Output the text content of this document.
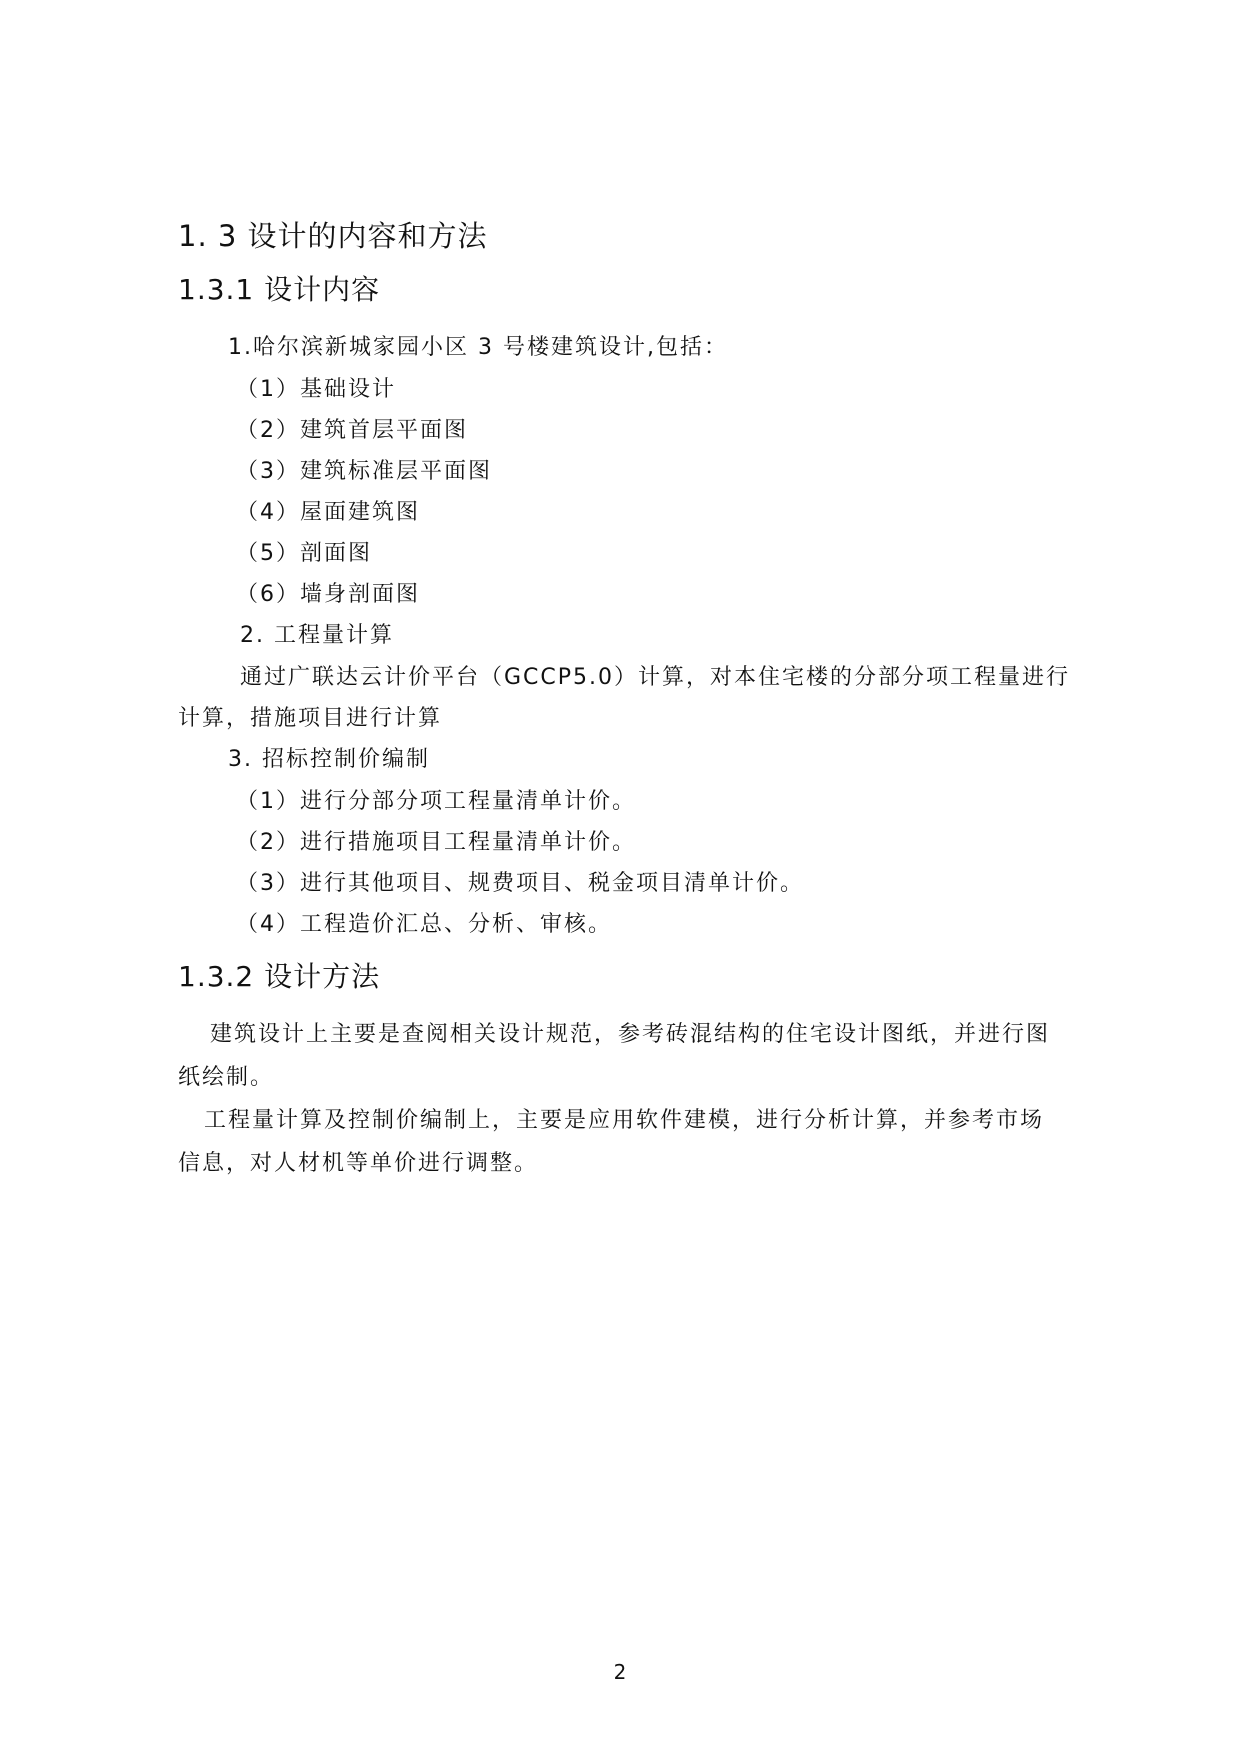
1. 3 设计的内容和方法
1.3.1 设计内容

1.哈尔滨新城家园小区 3 号楼建筑设计,包括：

（1）基础设计

（2）建筑首层平面图

（3）建筑标准层平面图

（4）屋面建筑图

（5）剖面图

（6）墙身剖面图

2. 工程量计算

通过广联达云计价平台（GCCP5.0）计算，对本住宅楼的分部分项工程量进行

计算，措施项目进行计算

3. 招标控制价编制

（1）进行分部分项工程量清单计价。

（2）进行措施项目工程量清单计价。

（3）进行其他项目、规费项目、税金项目清单计价。

（4）工程造价汇总、分析、审核。

1.3.2 设计方法

建筑设计上主要是查阅相关设计规范，参考砖混结构的住宅设计图纸，并进行图

纸绘制。

工程量计算及控制价编制上，主要是应用软件建模，进行分析计算，并参考市场

信息，对人材机等单价进行调整。

2
